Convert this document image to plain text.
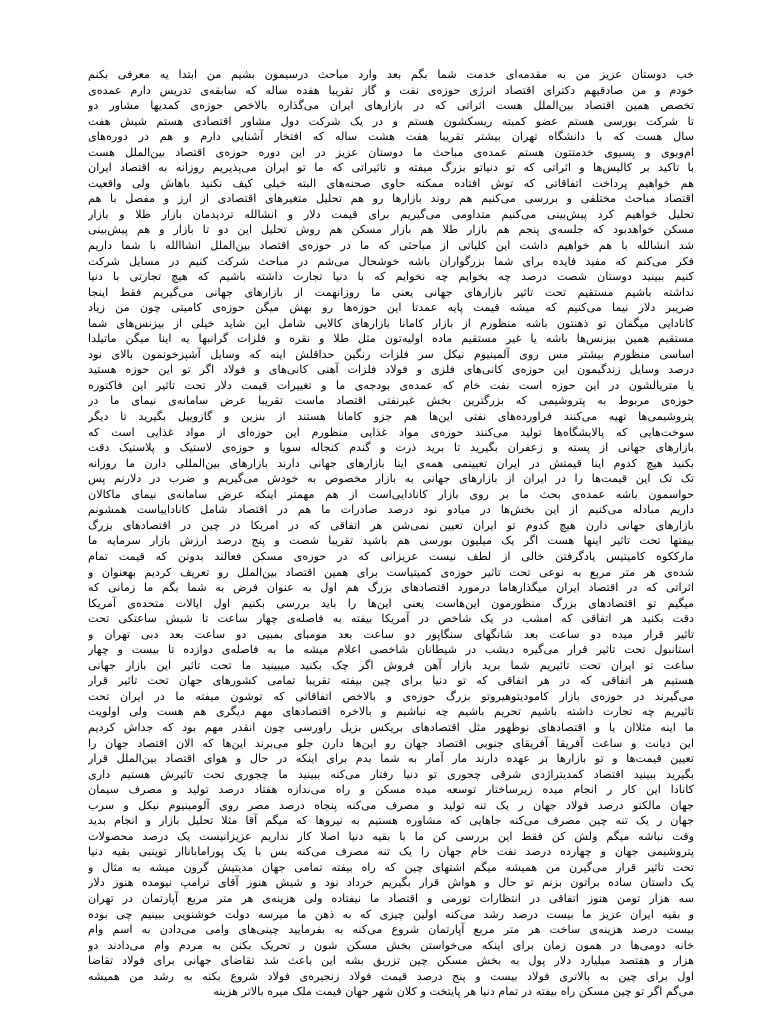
خب دوستان عزیز من به مقدمه‌ای خدمت شما بگم بعد وارد مباحث درسیمون بشیم من ابتدا یه معرفی بکنم
خودم و من صادقیهم دکترای اقتصاد انرژی حوزه‌ی نفت و گاز تقریبا هفده ساله که سابقه‌ی تدریس دارم عمده‌ی
تخصص همین اقتصاد بین‌الملل هست اثراتی که در بازارهای ایران می‌گذاره بالاخص حوزه‌ی کمدیها مشاور دو
تا شرکت بورسی هستم عضو کمیته ریسکشون هستم و در یک شرکت دول مشاور اقتصادی هستم شیش هفت
سال هست که با دانشگاه تهران بیشتر تقریبا هفت هشت ساله که افتخار آشنایی دارم و هم در دوره‌های
ام‌وبوی و پسیوی خدمتتون هستم عمده‌ی مباحث ما دوستان عزیز در این دوره حوزه‌ی اقتصاد بین‌الملل هست
با تاکید بر کالیس‌ها و اثراتی که تو دنیاتو بزرگ میفته و تاثیراتی که ما تو ایران می‌پذیریم روزانه به اقتصاد ایران
هم خواهیم پرداخت اتفاقاتی که توش افتاده ممکنه حاوی صحنه‌های البته خیلی کیف نکنید باهاش ولی واقعیت
اقتصاد مباحث مختلفی و بررسی می‌کنیم هم روند بازارها رو هم تحلیل متغیرهای اقتصادی از ارز و مفصل با هم
تحلیل خواهیم کرد پیش‌بینی می‌کنیم متداومی می‌گیریم برای قیمت دلار و انشالله تردیدمان بازار طلا و بازار
مسکن خواهدبود که جلسه‌ی پنجم هم بازار طلا هم بازار مسکن هم روش تحلیل این دو تا بازار و هم پیش‌بینی
شد انشالله با هم خواهیم داشت این کلیاتی از مباحثی که ما در حوزه‌ی اقتصاد بین‌الملل انشاالله با شما داریم
فکر می‌کنم که مفید فایده برای شما بزرگواران باشه خوشحال می‌شم در مباحث شرکت کنیم در مسایل شرکت
کنیم ببینید دوستان شصت درصد چه بخوایم چه نخوایم که با دنیا تجارت داشته باشیم که هیچ تجارتی با دنیا
نداشته باشیم مستقیم تحت تاثیر بازارهای جهانی یعنی ما روزانهمت از بازارهای جهانی می‌گیریم فقط اینجا
ضریبر دلار نیما می‌کنیم که میشه قیمت پایه عمدتا این حوزه‌ها رو بهش میگن حوزه‌ی کامیتی چون من زیاد
کانادایی میگمان تو ذهنتون باشه منظورم از بازار کامانا بازارهای کالایی شامل این شاید خیلی از بیزنس‌های شما
مستقیم همین بیزنس‌ها باشه یا غیر مستقیم ماده اولیه‌تون مثل طلا و نقره و فلزات گرانبها یه اینا میگن ماتیلدا
اساسی منظورم بیشتر مس روی آلمینیوم نیکل سر فلزات رنگین حداقلش اینه که وسایل آشپزخونمون بالای نود
درصد وسایل زندگیمون این حوزه‌ی کانی‌های فلزی و فولاد فلزات آهنی کانی‌های و فولاد اگر تو این حوزه هستید
یا متریالشون در این حوزه است نفت خام که عمده‌ی بودجه‌ی ما و تغییرات قیمت دلار تحت تاثیر این فاکتوره
حوزه‌ی مربوط به پتروشیمی که بزرگترین بخش غیرنفتی اقتصاد ماست تقریبا عرض سامانه‌ی نیمای ما در
پتروشیمی‌ها تهیه می‌کنند فراورده‌های نفتی این‌ها هم جزو کامانا هستند از بنزین و گازوییل بگیرید تا دیگر
سوخت‌هایی که پالایشگاه‌ها تولید می‌کنند حوزه‌ی مواد غذایی منظورم این حوزه‌ای از مواد غذایی است که
بازارهای جهانی از پسته و زعفران بگیرید تا برید ذرت و گندم کنجاله سویا و حوزه‌ی لاستیک و پلاستیک دقت
بکنید هیچ کدوم اینا قیمتش در ایران تعیینمی همه‌ی اینا بازارهای جهانی دارند بازارهای بین‌المللی دارن ما روزانه
تک تک این قیمت‌ها را در ایران از بازارهای جهانی به بازار مخصوص به خودش می‌گیریم و ضرب در دلارنم پس
حواسمون باشه عمده‌ی بحث ما بر روی بازار کانادایی‌است از هم مهمتر اینکه عرض سامانه‌ی نیمای ماکالان
داریم مبادله می‌کنیم از این بخش‌ها در میادو نود درصد صادرات ما هم در اقتصاد شامل کاناداییاست همشونم
بازارهای جهانی دارن هیچ کدوم تو ایران تعیین نمی‌شن هر اتفاقی که در امریکا در چین در اقتصادهای بزرگ
بیفتها تحت تاثیر اینها هست اگر یک میلیون بورسی هم باشید تقریبا شصت و پنج درصد ارزش بازار سرمایه ما
مارککوه کامیتیس یادگرفتن خالی از لطف نیست عزیزانی که در حوزه‌ی مسکن فعالند بدونن که قیمت تمام
شده‌ی هر متر مربع به نوعی تحت تاثیر حوزه‌ی کمیتیاست برای همین اقتصاد بین‌الملل رو تعریف کردیم بهعنوان و
اثراتی که در اقتصاد ایران میگذارهاما درمورد اقتصادهای بزرگ هم اول به عنوان فرض به شما بگم ما زمانی که
میگیم تو اقتصادهای بزرگ منظورمون این‌هاست یعنی این‌ها را باید بررسی بکنیم اول ایالات متحده‌ی آمریکا
دقت بکنید هر اتفاقی که امشب در یک شاخص در آمریکا بیفته به فاصله‌ی چهار ساعت تا شیش ساعتکی تحت
تاثیر قرار میده دو ساعت بعد شانگهای سنگاپور دو ساعت بعد مومبای بمبیی دو ساعت بعد دبی تهران و
استانبول تحت تاثیر قرار می‌گیره دیشب در شیطانان شاخصی اعلام میشه ما به فاصله‌ی دوازده تا بیست و چهار
ساعت تو ایران تحت تاثیریم شما برید بازار آهن فروش اگر چک بکنید میبینید ما تحت تاثیر این بازار جهانی
هستیم هر اتفاقی که در هر اتفاقی که تو دنیا برای چین بیفته تقریبا تمامی کشورهای جهان تحت تاثیر قرار
می‌گیرند در حوزه‌ی بازار کامودیتوهیروتو بزرگ حوزه‌ی و بالاخص اتفاقاتی که توشون میفته ما در ایران تحت
تاثیریم چه تجارت داشته باشیم تحریم باشیم چه نباشیم و بالاخره اقتصادهای مهم دیگری هم هست ولی اولویت
ما اینه مثلاان یا و اقتصادهای نوظهور مثل اقتصادهای بریکس بزیل راورسی چون انقدر مهم بود که جداش کردیم
این دیانت و ساعت آفریقا آفریقای جنوبی اقتصاد جهان رو این‌ها دارن جلو می‌برند این‌ها که الان اقتصاد جهان را
تعیین قیمت‌ها و تو بازارها بر عهده دارند مار آمار به شما بدم برای اینکه در حال و هوای اقتصاد بین‌الملل قرار
بگیرید ببینید اقتصاد کمدیتراژدی شرقی چجوری تو دنیا رفتار می‌کنه ببینید ما چجوری تحت تاثیرش هستیم داری
کانادا این کار ر انجام میده زیرساختار توسعه میده مسکن و راه می‌ندازه هفتاد درصد تولید و مصرف سیمان
جهان مالکنو درصد فولاد جهان ر یک تنه تولید و مصرف می‌کنه پنجاه درصد مصر روی آلومینیوم نیکل و سرب
جهان ر یک تنه چین مصرف می‌کنه جاهایی که مشاوره هستیم به نیروها که میگم آقا مثلا تحلیل بازار و انجام بدید
وقت نباشه میگم ولش کن فقط این بررسی کن ما با بقیه دنیا اصلا کار نداریم عزیزانیست یک درصد محصولات
پتروشیمی جهان و چهارده درصد نفت خام جهان را یک تنه مصرف می‌کنه بس با یک پوراماباناار توینبی بقیه دنیا
تحت تاثیر قرار می‌گیرن من همیشه میگم اشتهای چین که راه بیفته تمامی جهان مدیتیش گرون میشه به مثال و
یک داستان ساده براتون بزنم تو حال و هواش قرار بگیریم خرداد نود و شیش هنوز آقای ترامپ نیومده هنوز دلار
سه هزار تومن هنوز اتفاقی در انتظارات تورمی و اقتصاد ما نیفتاده ولی هزینه‌ی هر متر مربع آپارتمان در تهران
و بقیه ایران عزیز ما بیست درصد رشد می‌کنه اولین چیزی که به ذهن ما میرسه دولت خوشنویی ببینیم چی بوده
بیست درصد هزینه‌ی ساخت هر متر مربع آپارتمان شروع می‌کنه به بفرمایید چینی‌های وامی می‌دادن به اسم وام
خانه دومی‌ها در همون زمان برای اینکه می‌خواستن بخش مسکن شون ر تحریک بکنن به مردم وام می‌دادند دو
هزار و هفتصد میلیارد دلار پول به بخش مسکن چین تزریق بشه این باعث شد تقاضای جهانی برای فولاد تقاضا
اول برای چین به بالاتری فولاد بیست و پنج درصد قیمت فولاد زنجیره‌ی فولاد شروع بکنه به رشد من همیشه
می‌گم اگر تو چین مسکن راه بیفته در تمام دنیا هر پایتخت و کلان شهر جهان قیمت ملک میره بالاتر هزینه
